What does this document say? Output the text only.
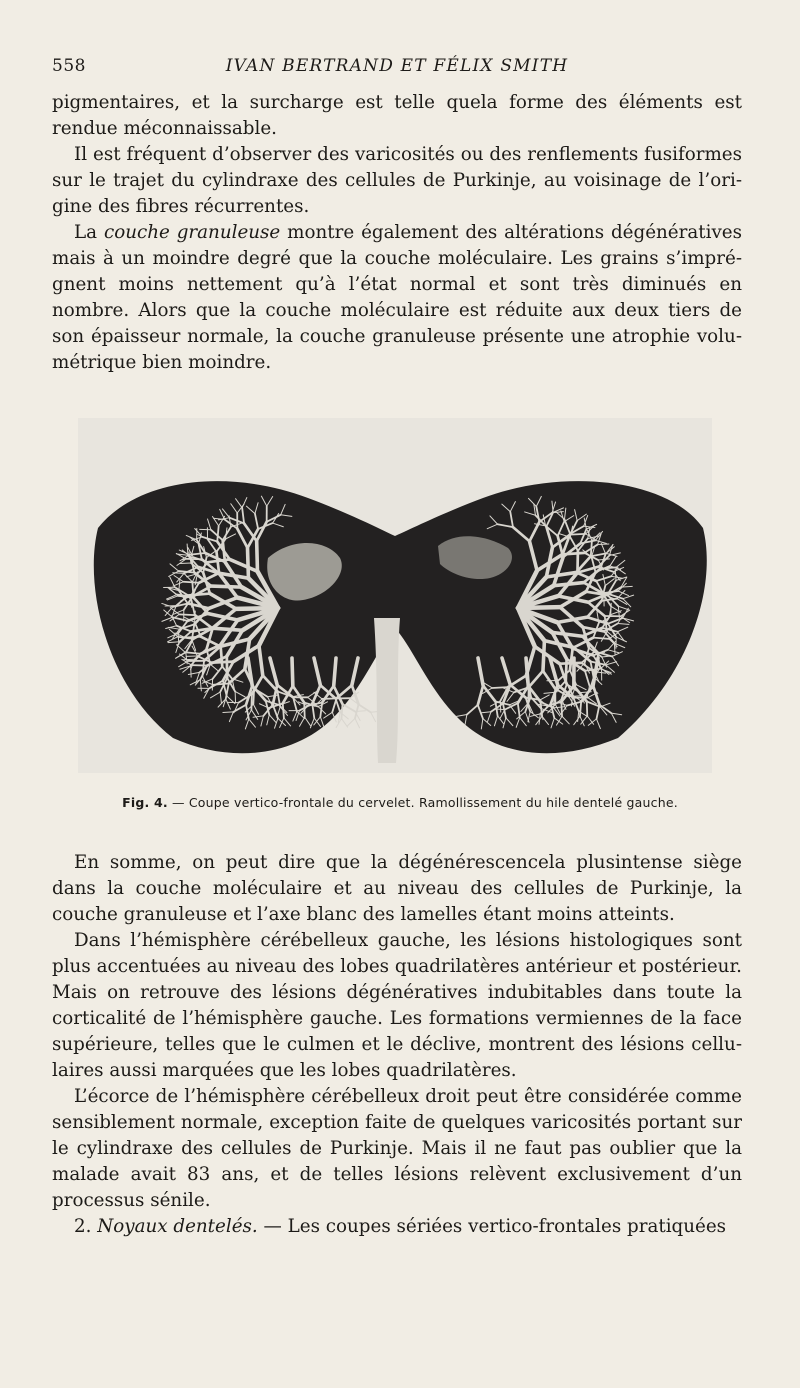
558	IVAN BERTRAND ET FÉLIX SMITH

pigmentaires, et la surcharge est telle quela forme des éléments est rendue méconnaissable.

Il est fréquent d’observer des varicosités ou des renflements fusiformes sur le trajet du cylindraxe des cellules de Purkinje, au voisinage de l’origine des fibres récurrentes.

La couche granuleuse montre également des altérations dégénératives mais à un moindre degré que la couche moléculaire. Les grains s’imprégnent moins nettement qu’à l’état normal et sont très diminués en nombre. Alors que la couche moléculaire est réduite aux deux tiers de son épaisseur normale, la couche granuleuse présente une atrophie volumétrique bien moindre.

Fig. 4. — Coupe vertico-frontale du cervelet. Ramollissement du hile dentelé gauche.

En somme, on peut dire que la dégénérescencela plusintense siège dans la couche moléculaire et au niveau des cellules de Purkinje, la couche granuleuse et l’axe blanc des lamelles étant moins atteints.

Dans l’hémisphère cérébelleux gauche, les lésions histologiques sont plus accentuées au niveau des lobes quadrilatères antérieur et postérieur. Mais on retrouve des lésions dégénératives indubitables dans toute la corticalité de l’hémisphère gauche. Les formations vermiennes de la face supérieure, telles que le culmen et le déclive, montrent des lésions cellulaires aussi marquées que les lobes quadrilatères.

L’écorce de l’hémisphère cérébelleux droit peut être considérée comme sensiblement normale, exception faite de quelques varicosités portant sur le cylindraxe des cellules de Purkinje. Mais il ne faut pas oublier que la malade avait 83 ans, et de telles lésions relèvent exclusivement d’un processus sénile.

2. Noyaux dentelés. — Les coupes sériées vertico-frontales pratiquées
